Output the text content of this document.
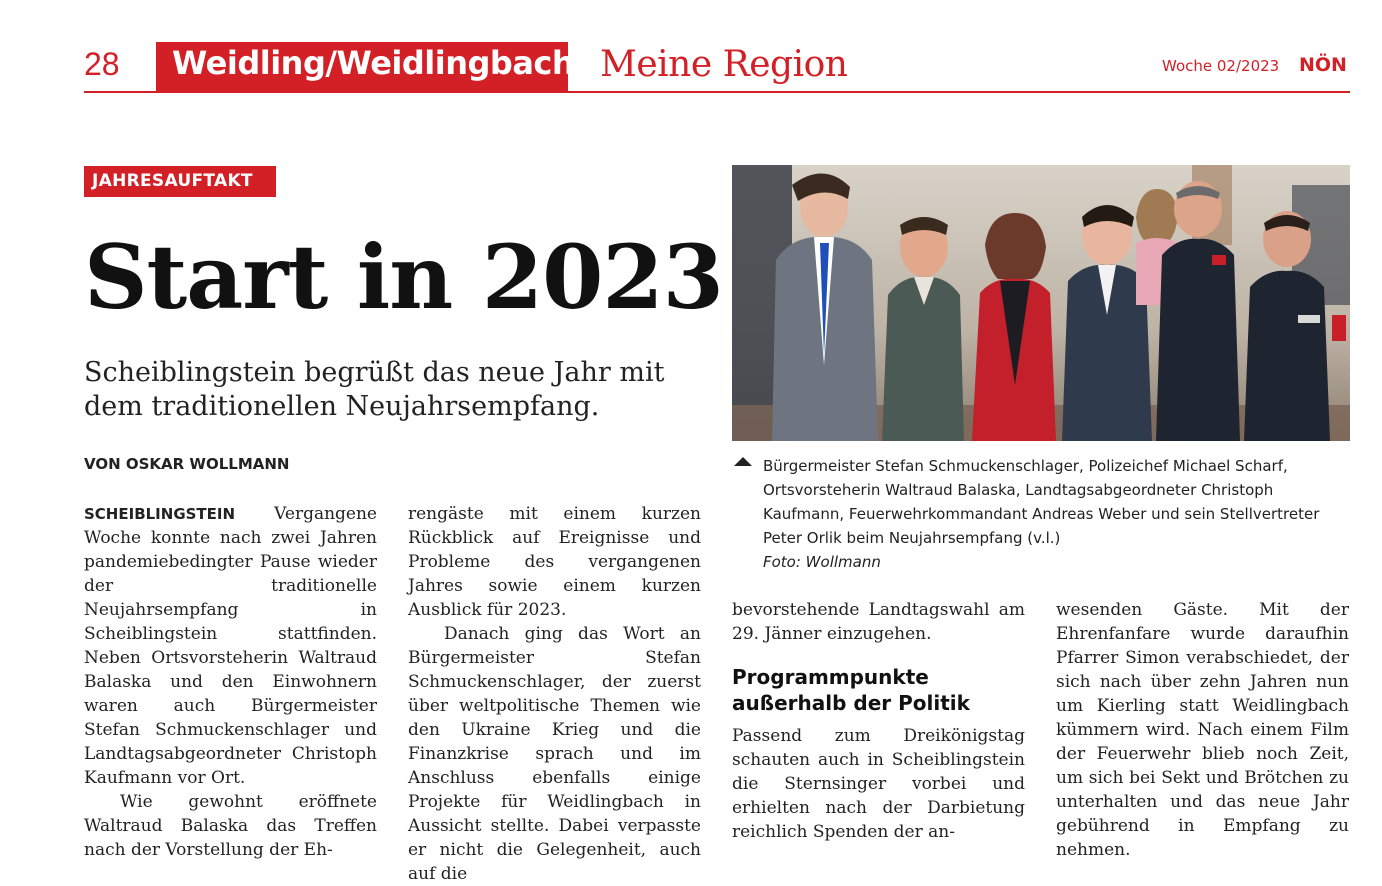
28 Weidling/Weidlingbach Meine Region	Woche 02/2023 NÖN
JAHRESAUFTAKT
Start in 2023
Scheiblingstein begrüßt das neue Jahr mit dem traditionellen Neujahrsempfang.
VON OSKAR WOLLMANN

SCHEIBLINGSTEIN Vergangene Woche konnte nach zwei Jahren pandemiebedingter Pause wieder der traditionelle Neujahrsempfang in Scheiblingstein stattfinden. Neben Ortsvorsteherin Waltraud Balaska und den Einwohnern waren auch Bürgermeister Stefan Schmuckenschlager und Landtagsabgeordneter Christoph Kaufmann vor Ort.

Wie gewohnt eröffnete Waltraud Balaska das Treffen nach der Vorstellung der Eh-

rengäste mit einem kurzen Rückblick auf Ereignisse und Probleme des vergangenen Jahres sowie einem kurzen Ausblick für 2023.

Danach ging das Wort an Bürgermeister Stefan Schmuckenschlager, der zuerst über weltpolitische Themen wie den Ukraine Krieg und die Finanzkrise sprach und im Anschluss ebenfalls einige Projekte für Weidlingbach in Aussicht stellte. Dabei verpasste er nicht die Gelegenheit, auch auf die

Bürgermeister Stefan Schmuckenschlager, Polizeichef Michael Scharf, Ortsvorsteherin Waltraud Balaska, Landtagsabgeordneter Christoph Kaufmann, Feuerwehrkommandant Andreas Weber und sein Stellvertreter Peter Orlik beim Neujahrsempfang (v.l.)
Foto: Wollmann

bevorstehende Landtagswahl am 29. Jänner einzugehen.

Programmpunkte außerhalb der Politik

Passend zum Dreikönigstag schauten auch in Scheiblingstein die Sternsinger vorbei und erhielten nach der Darbietung reichlich Spenden der an-

wesenden Gäste. Mit der Ehrenfanfare wurde daraufhin Pfarrer Simon verabschiedet, der sich nach über zehn Jahren nun um Kierling statt Weidlingbach kümmern wird. Nach einem Film der Feuerwehr blieb noch Zeit, um sich bei Sekt und Brötchen zu unterhalten und das neue Jahr gebührend in Empfang zu nehmen.
